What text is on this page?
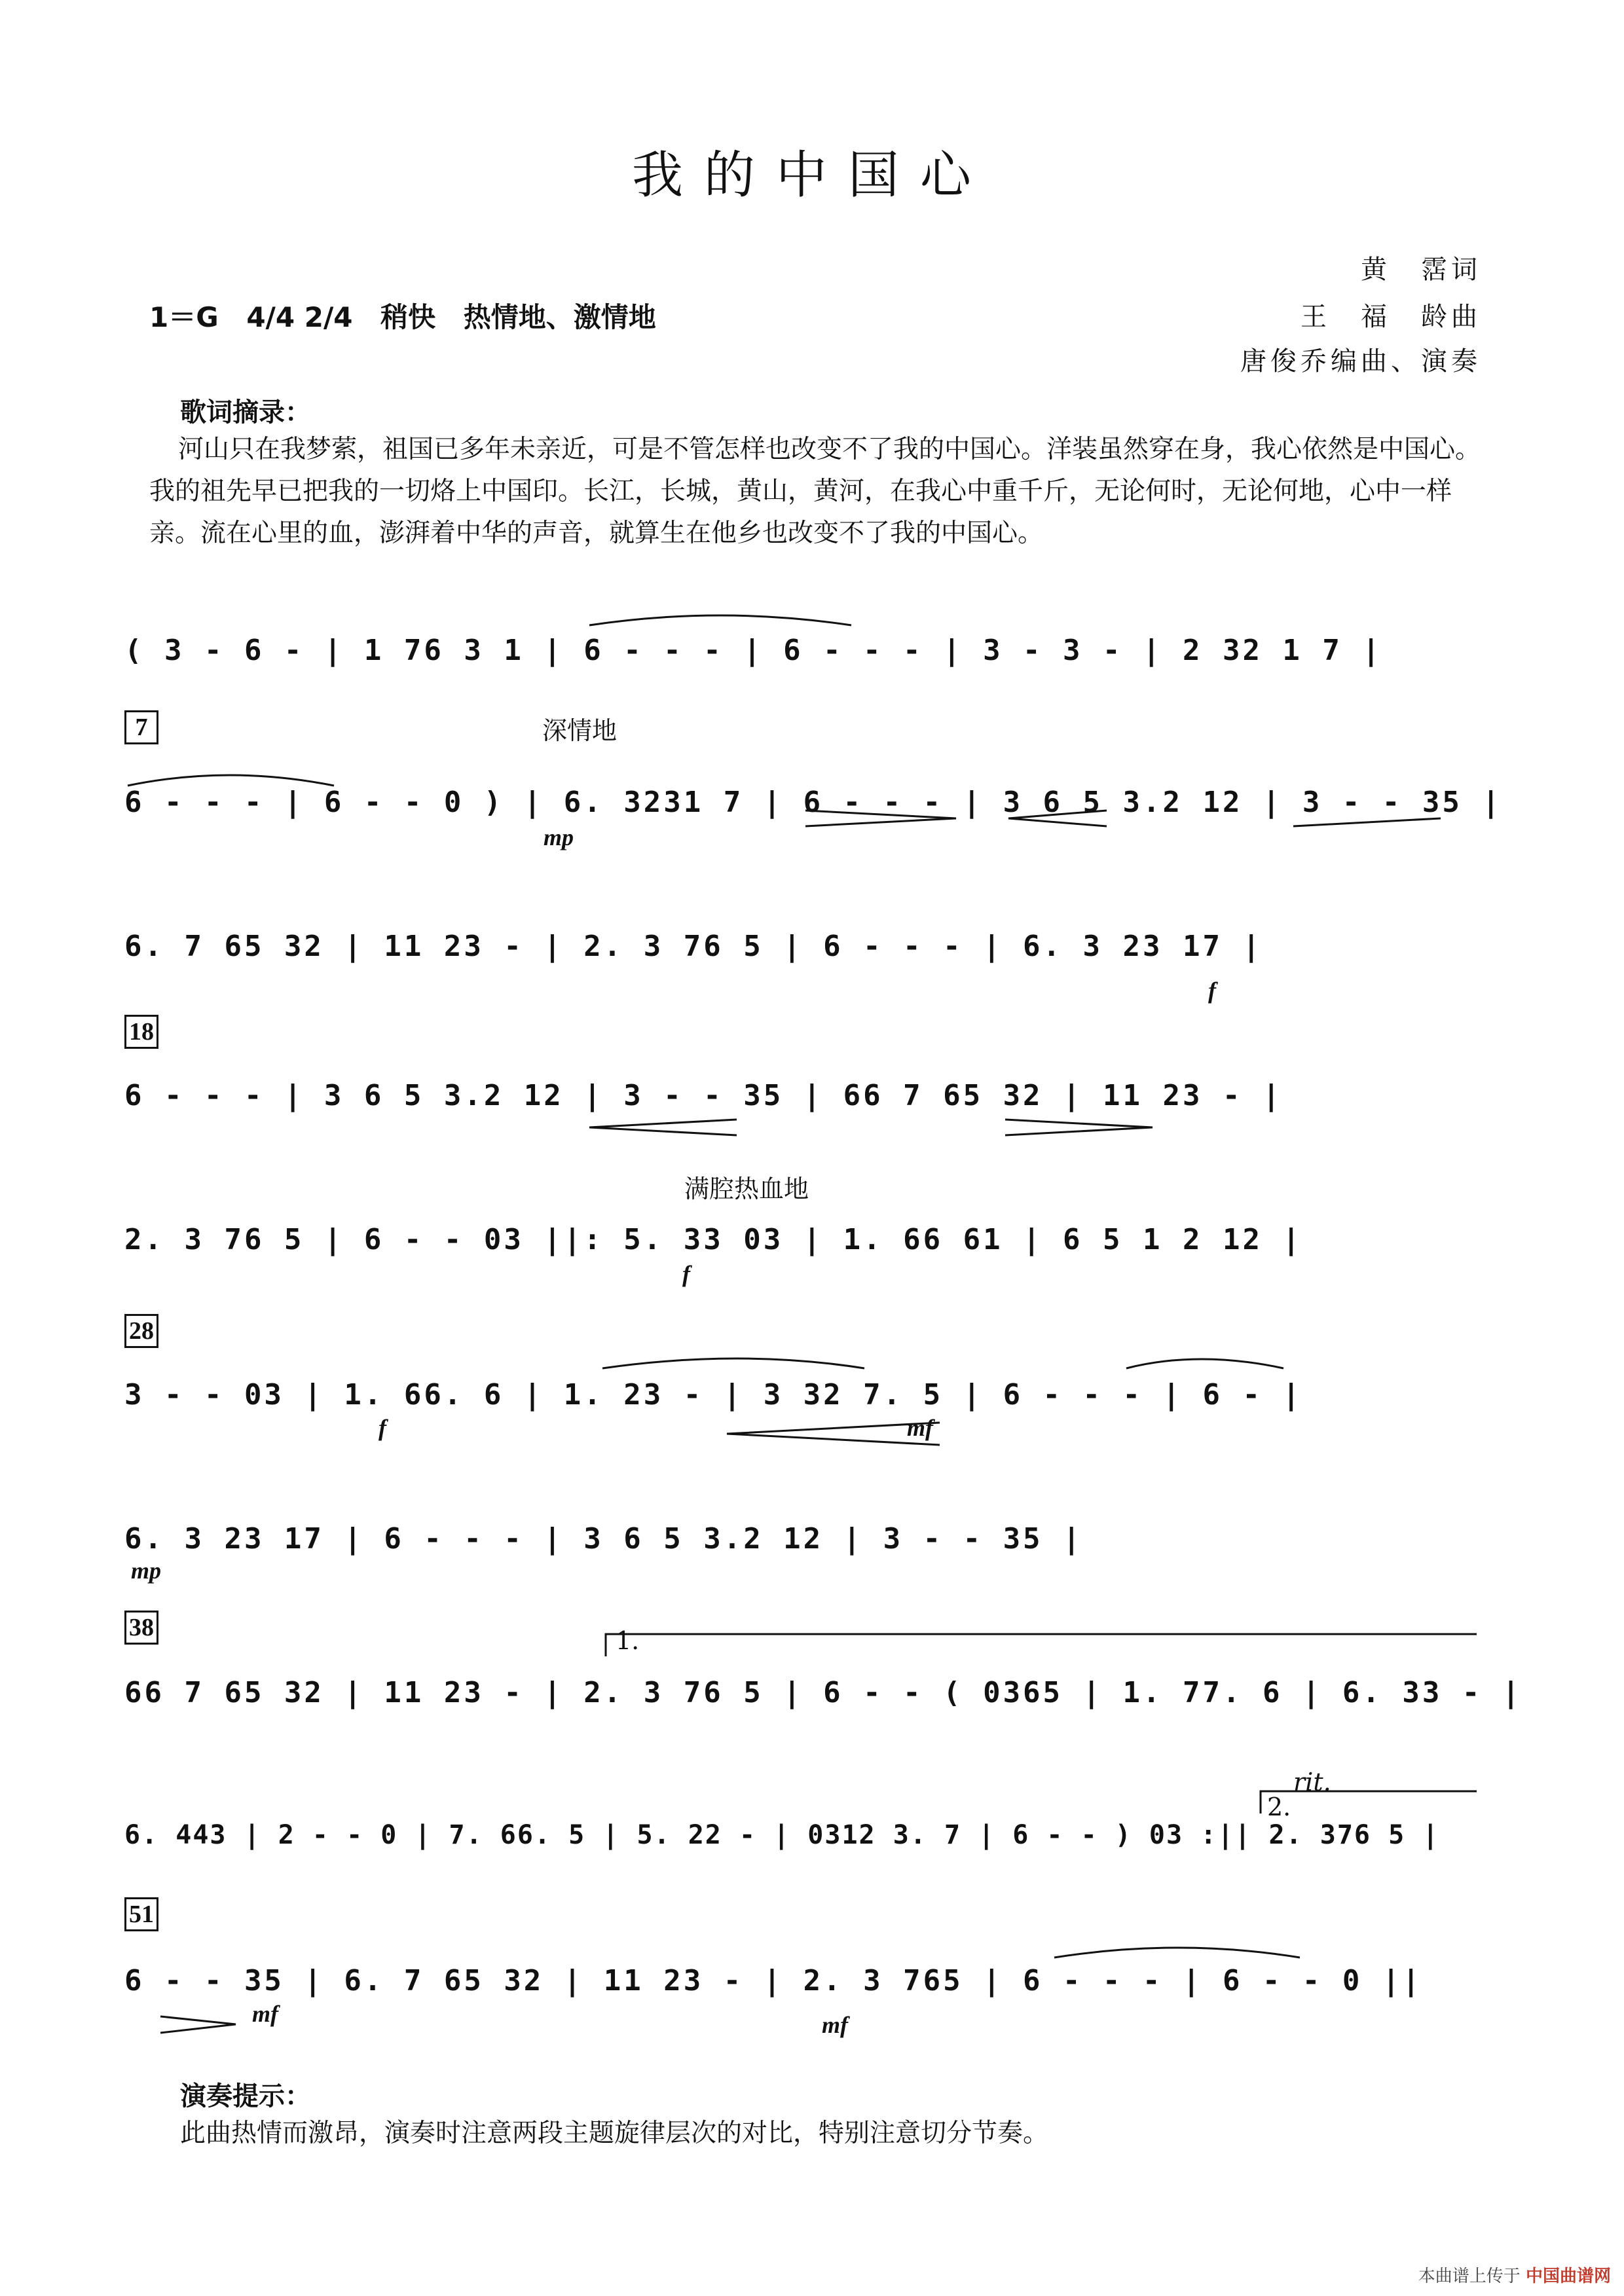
我的中国心
1＝G 4/4 2/4 稍快 热情地、激情地
黄　霑词
王　福　龄曲
唐俊乔编曲、演奏
歌词摘录：
河山只在我梦萦，祖国已多年未亲近，可是不管怎样也改变不了我的中国心。洋装虽然穿在身，我心依然是中国心。我的祖先早已把我的一切烙上中国印。长江，长城，黄山，黄河，在我心中重千斤，无论何时，无论何地，心中一样亲。流在心里的血，澎湃着中华的声音，就算生在他乡也改变不了我的中国心。
( 3 - 6 - | 1 76 3 1 | 6 - - - | 6 - - - | 3 - 3 - | 2 32 1 7 |
7	深情地
6 - - - | 6 - - 0 ) | 6. 3231 7 | 6 - - - | 3 6 5 3.2 12 | 3 - - 35 |
mp
6. 7 65 32 | 11 23 - | 2. 3 76 5 | 6 - - - | 6. 3 23 17 |
f
18
6 - - - | 3 6 5 3.2 12 | 3 - - 35 | 66 7 65 32 | 11 23 - |
满腔热血地
2. 3 76 5 | 6 - - 03 ||: 5. 33 03 | 1. 66 61 | 6 5 1 2 12 |
f
28
3 - - 03 | 1. 66. 6 | 1. 23 - | 3 32 7. 5 | 6 - - - | 6 - |
f	mf
6. 3 23 17 | 6 - - - | 3 6 5 3.2 12 | 3 - - 35 |
mp
38	1.
66 7 65 32 | 11 23 - | 2. 3 76 5 | 6 - - ( 0365 | 1. 77. 6 | 6. 33 - |
rit.
2.
6. 443 | 2 - - 0 | 7. 66. 5 | 5. 22 - | 0312 3. 7 | 6 - - ) 03 :|| 2. 376 5 |
51
6 - - 35 | 6. 7 65 32 | 11 23 - | 2. 3 765 | 6 - - - | 6 - - 0 ||
mf	mf
演奏提示：
此曲热情而激昂，演奏时注意两段主题旋律层次的对比，特别注意切分节奏。
本曲谱上传于 中国曲谱网
